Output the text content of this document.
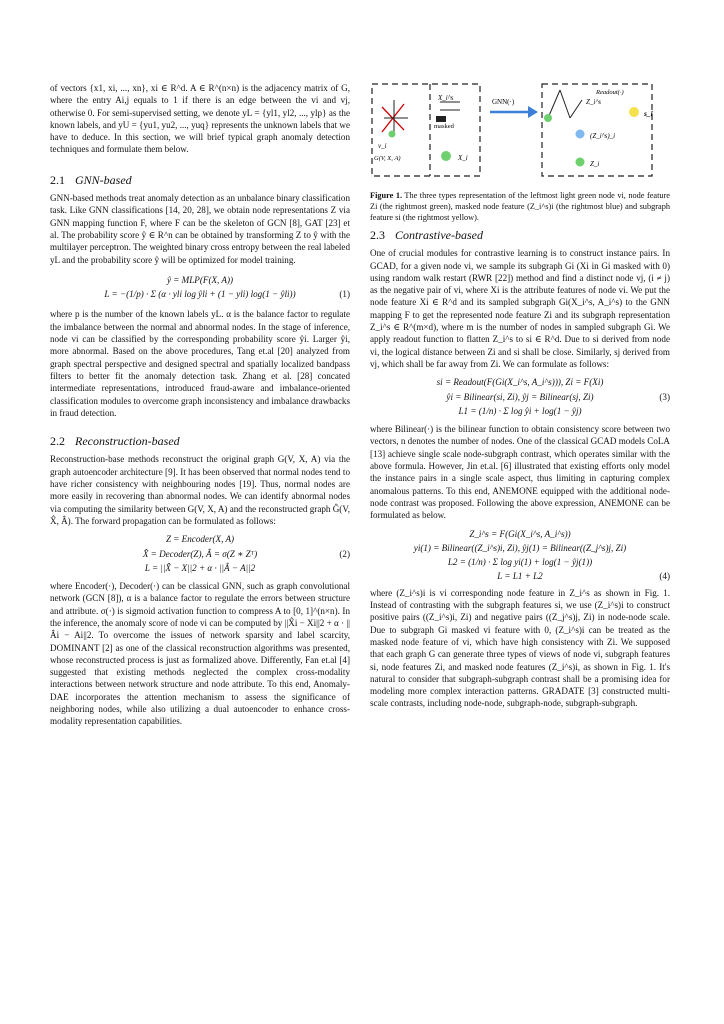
of vectors {x1, xi, ..., xn}, xi ∈ R^d. A ∈ R^(n×n) is the adjacency matrix of G, where the entry Ai,j equals to 1 if there is an edge between the vi and vj, otherwise 0. For semi-supervised setting, we denote yL = {yl1, yl2, ..., ylp} as the known labels, and yU = {yu1, yu2, ..., yuq} represents the unknown labels that we have to deduce. In this section, we will brief typical graph anomaly detection techniques and formulate them below.

2.1 GNN-based

GNN-based methods treat anomaly detection as an unbalance binary classification task. Like GNN classifications [14, 20, 28], we obtain node representations Z via GNN mapping function F, where F can be the skeleton of GCN [8], GAT [23] et al. The probability score ŷ ∈ R^n can be obtained by transforming Z to ŷ with the multilayer perceptron. The weighted binary cross entropy between the real labeled yL and the probability score ŷ will be optimized for model training.

ŷ = MLP(F(X, A))
L = −(1/p) · Σ (α · yli log ŷli + (1 − yli) log(1 − ŷli))	(1)

where p is the number of the known labels yL. α is the balance factor to regulate the imbalance between the normal and abnormal nodes. In the stage of inference, node vi can be classified by the corresponding probability score ŷi. Larger ŷi, more abnormal. Based on the above procedures, Tang et.al [20] analyzed from graph spectral perspective and designed spectral and spatially localized bandpass filters to better fit the anomaly detection task. Zhang et al. [28] concated intermediate representations, introduced fraud-aware and imbalance-oriented classification modules to overcome graph inconsistency and imbalance drawbacks in fraud detection.

2.2 Reconstruction-based

Reconstruction-base methods reconstruct the original graph G(V, X, A) via the graph autoencoder architecture [9]. It has been observed that normal nodes tend to have richer consistency with neighbouring nodes [19]. Thus, normal nodes are more easily in recovering than abnormal nodes. We can identify abnormal nodes via computing the similarity between G(V, X, A) and the reconstructed graph Ĝ(V, X̂, Â). The forward propagation can be formulated as follows:

Z = Encoder(X, A)
X̂ = Decoder(Z), Â = σ(Z ∗ Zᵀ)	(2)
L = ||X̂ − X||2 + α · ||Â − A||2

where Encoder(·), Decoder(·) can be classical GNN, such as graph convolutional network (GCN [8]), α is a balance factor to regulate the errors between structure and attribute. σ(·) is sigmoid activation function to compress A to [0, 1]^(n×n). In the inference, the anomaly score of node vi can be computed by ||X̂i − Xi||2 + α · ||Âi − Ai||2. To overcome the issues of network sparsity and label scarcity, DOMINANT [2] as one of the classical reconstruction algorithms was presented, whose reconstructed process is just as formalized above. Differently, Fan et.al [4] suggested that existing methods neglected the complex cross-modality interactions between network structure and node attribute. To this end, Anomaly-DAE incorporates the attention mechanism to assess the significance of neighboring nodes, while also utilizing a dual autoencoder to enhance cross-modality representation capabilities.

X_i^s
masked
v_i
G(V, X, A)	X_i
GNN(·)	Z_i^s
Readout(·)
s_i
(Z_i^s)_i
Z_i

Figure 1. The three types representation of the leftmost light green node vi, node feature Zi (the rightmost green), masked node feature (Z_i^s)i (the rightmost blue) and subgraph feature si (the rightmost yellow).

2.3 Contrastive-based

One of crucial modules for contrastive learning is to construct instance pairs. In GCAD, for a given node vi, we sample its subgraph Gi (Xi in Gi masked with 0) using random walk restart (RWR [22]) method and find a distinct node vj, (i ≠ j) as the negative pair of vi, where Xi is the attribute features of node vi. We put the node feature Xi ∈ R^d and its sampled subgraph Gi(X_i^s, A_i^s) to the GNN mapping F to get the represented node feature Zi and its subgraph representation Z_i^s ∈ R^(m×d), where m is the number of nodes in sampled subgraph Gi. We apply readout function to flatten Z_i^s to si ∈ R^d. Due to si derived from node vi, the logical distance between Zi and si shall be close. Similarly, sj derived from vj, which shall be far away from Zi. We can formulate as follows:

si = Readout(F(Gi(X_i^s, A_i^s))), Zi = F(Xi)
ŷi = Bilinear(si, Zi), ŷj = Bilinear(sj, Zi)	(3)
L1 = (1/n) · Σ log ŷi + log(1 − ŷj)

where Bilinear(·) is the bilinear function to obtain consistency score between two vectors, n denotes the number of nodes. One of the classical GCAD models CoLA [13] achieve single scale node-subgraph contrast, which operates similar with the above formula. However, Jin et.al. [6] illustrated that existing efforts only model the instance pairs in a single scale aspect, thus limiting in capturing complex anomalous patterns. To this end, ANEMONE equipped with the additional node-node contrast was proposed. Following the above expression, ANEMONE can be formulated as below.

Z_i^s = F(Gi(X_i^s, A_i^s))
yi(1) = Bilinear((Z_i^s)i, Zi), ŷj(1) = Bilinear((Z_j^s)j, Zi)
L2 = (1/n) · Σ log yi(1) + log(1 − ŷj(1))
L = L1 + L2	(4)

where (Z_i^s)i is vi corresponding node feature in Z_i^s as shown in Fig. 1. Instead of contrasting with the subgraph features si, we use (Z_i^s)i to construct positive pairs ((Z_i^s)i, Zi) and negative pairs ((Z_j^s)j, Zi) in node-node scale. Due to subgraph Gi masked vi feature with 0, (Z_i^s)i can be treated as the masked node feature of vi, which have high consistency with Zi. We supposed that each graph G can generate three types of views of node vi, subgraph features si, node features Zi, and masked node features (Z_i^s)i, as shown in Fig. 1. It's natural to consider that subgraph-subgraph contrast shall be a promising idea for modeling more complex interaction patterns. GRADATE [3] constructed multi-scale contrasts, including node-node, subgraph-node, subgraph-subgraph.
